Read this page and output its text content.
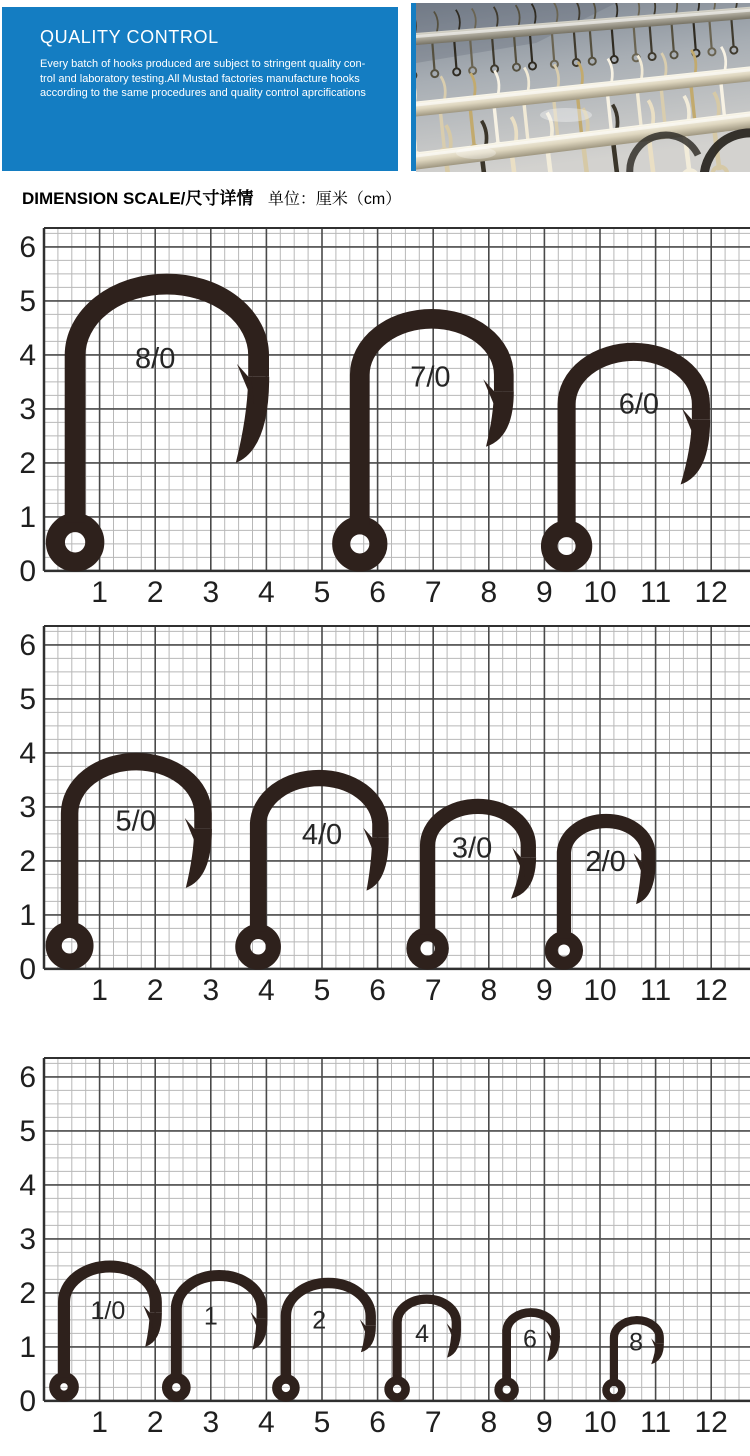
QUALITY CONTROL

Every batch of hooks produced are subject to stringent quality con-
trol and laboratory testing.All Mustad factories manufacture hooks
according to the same procedures and quality control aprcifications

DIMENSION SCALE/尺寸详情 单位：厘米（cm）
8/0
7/0
6/0
1 2 3 4 5 6 7 8 9 10 11 12
0
1
2
3
4
5
6
5/0	4/0	3/0	2/0
1 2 3 4 5 6 7 8 9 10 11 12
0
1
2
3
4
5
6
1/0	1	2	4	6	8
1 2 3 4 5 6 7 8 9 10 11 12
0
1
2
3
4
5
6
